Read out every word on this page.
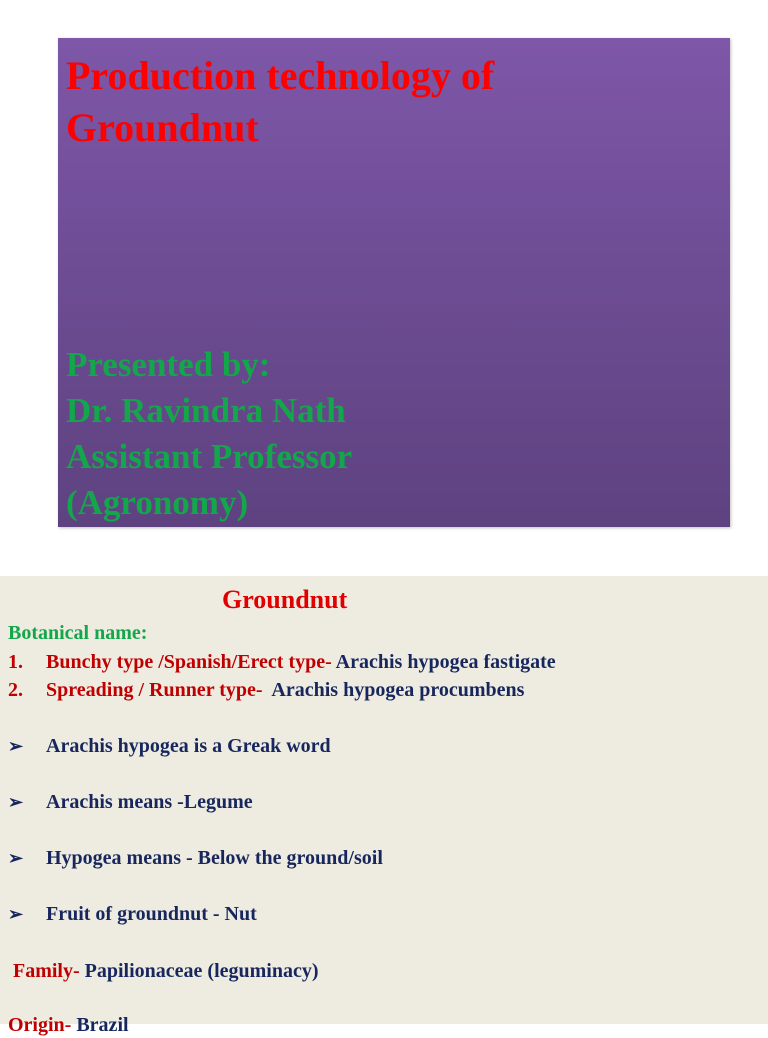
Production technology of
Groundnut
Presented by:
Dr. Ravindra Nath
Assistant Professor
(Agronomy)
Groundnut
Botanical name:
1. Bunchy type /Spanish/Erect type- Arachis hypogea fastigate
2. Spreading / Runner type-  Arachis hypogea procumbens
➢ Arachis hypogea is a Greak word
➢ Arachis means -Legume
➢ Hypogea means - Below the ground/soil
➢ Fruit of groundnut - Nut
Family- Papilionaceae (leguminacy)
Origin- Brazil
